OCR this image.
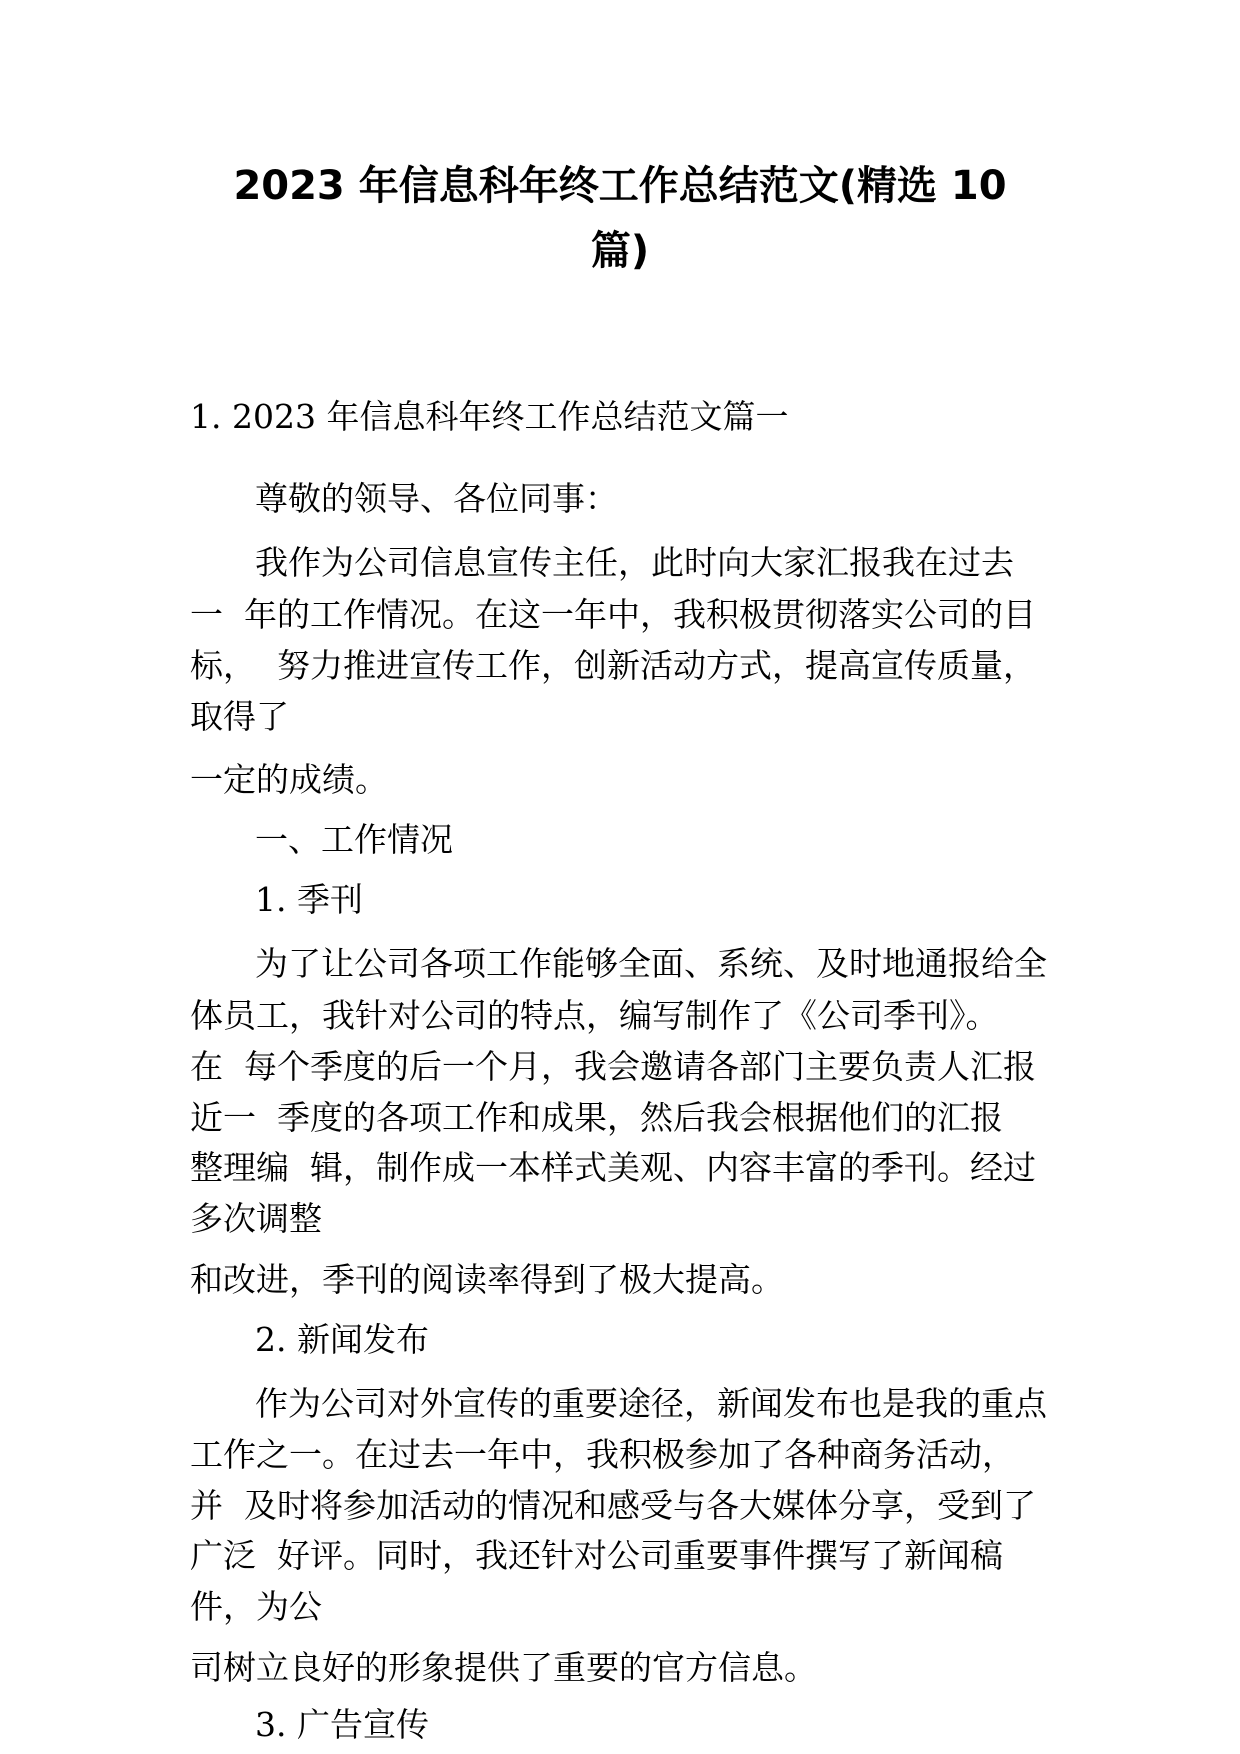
2023 年信息科年终工作总结范文(精选 10
篇)

1. 2023 年信息科年终工作总结范文篇一

尊敬的领导、各位同事：

我作为公司信息宣传主任，此时向大家汇报我在过去

一  年的工作情况。在这一年中，我积极贯彻落实公司的目

标，  努力推进宣传工作，创新活动方式，提高宣传质量，

取得了

一定的成绩。

一、工作情况

1. 季刊

为了让公司各项工作能够全面、系统、及时地通报给全

体员工，我针对公司的特点，编写制作了《公司季刊》。

在  每个季度的后一个月，我会邀请各部门主要负责人汇报

近一  季度的各项工作和成果，然后我会根据他们的汇报

整理编  辑，制作成一本样式美观、内容丰富的季刊。经过

多次调整

和改进，季刊的阅读率得到了极大提高。

2. 新闻发布

作为公司对外宣传的重要途径，新闻发布也是我的重点

工作之一。在过去一年中，我积极参加了各种商务活动，

并  及时将参加活动的情况和感受与各大媒体分享，受到了

广泛  好评。同时，我还针对公司重要事件撰写了新闻稿

件，为公

司树立良好的形象提供了重要的官方信息。

3. 广告宣传
